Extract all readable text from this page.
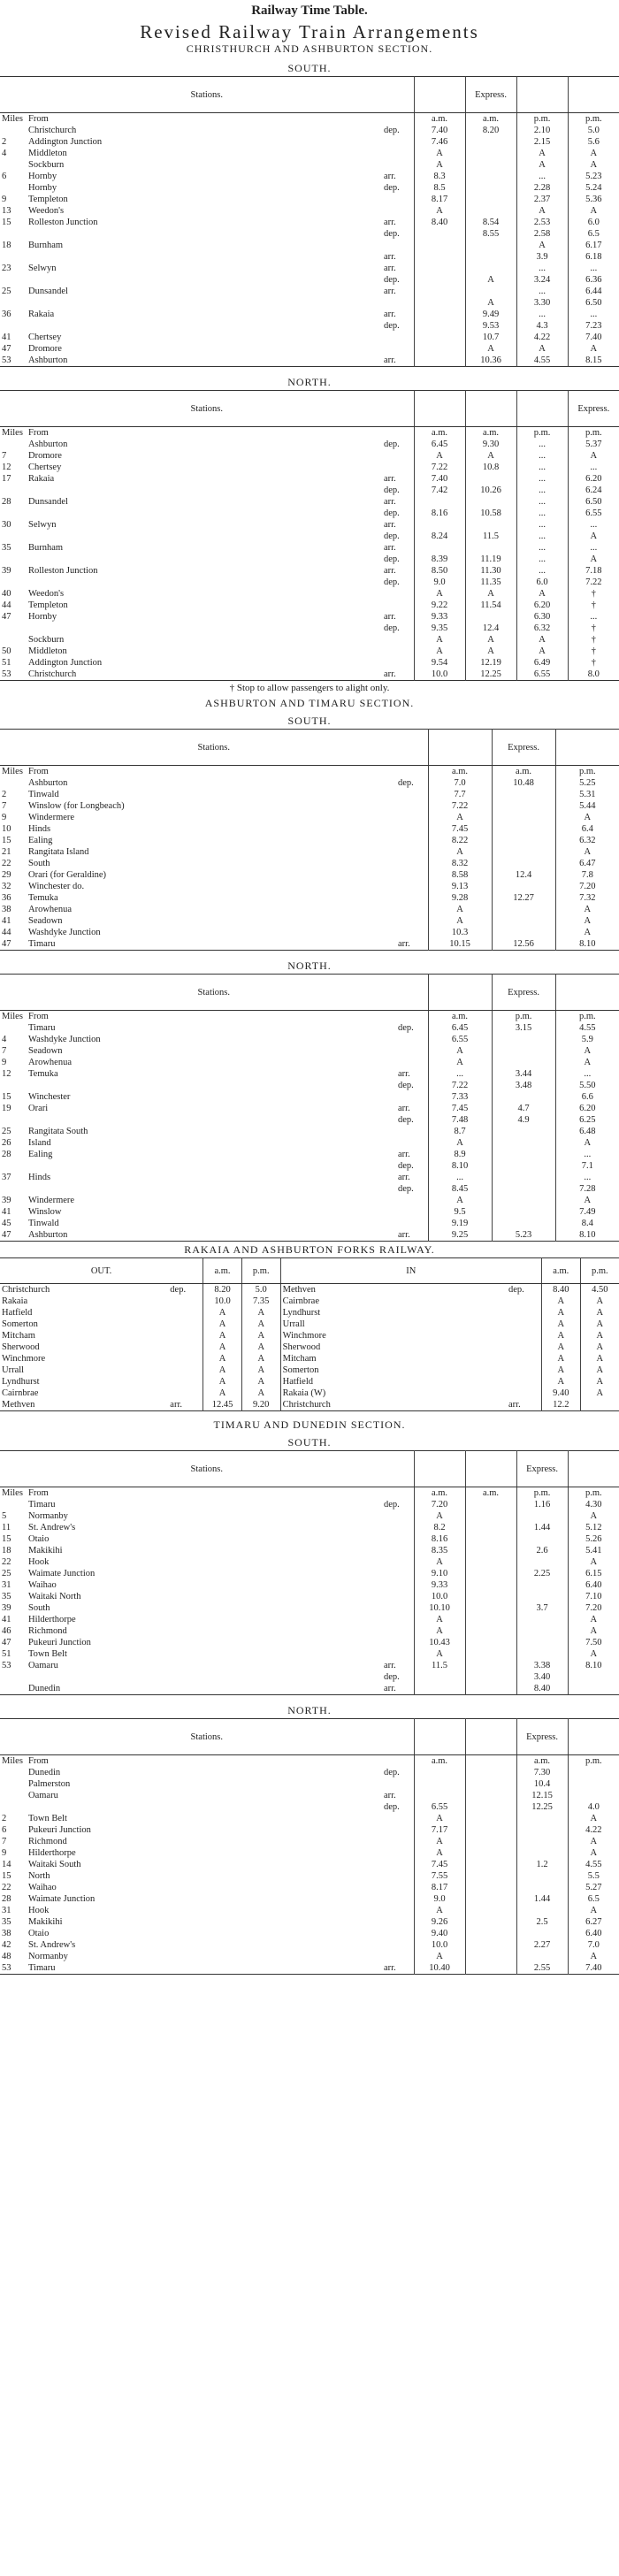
Railway Time Table.
Revised Railway Train Arrangements
CHRISTHURCH AND ASHBURTON SECTION.
SOUTH.
Stations.					Express.		

Miles	From			a.m.	a.m.	p.m.	p.m.
	Christchurch		dep.	7.40	8.20	2.10	5.0
2	Addington Junction			7.46		2.15	5.6
4	Middleton			A		A	A
	Sockburn			A		A	A
6	Hornby		arr.	8.3		...	5.23
	Hornby		dep.	8.5		2.28	5.24
9	Templeton			8.17		2.37	5.36
13	Weedon's			A		A	A
15	Rolleston Junction		arr.	8.40	8.54	2.53	6.0
			dep.		8.55	2.58	6.5
18	Burnham					A	6.17
			arr.			3.9	6.18
23	Selwyn		arr.			...	...
			dep.		A	3.24	6.36
25	Dunsandel		arr.			...	6.44
					A	3.30	6.50
36	Rakaia		arr.		9.49	...	...
			dep.		9.53	4.3	7.23
41	Chertsey				10.7	4.22	7.40
47	Dromore				A	A	A
53	Ashburton		arr.		10.36	4.55	8.15
NORTH.
Stations.							Express.

Miles	From			a.m.	a.m.	p.m.	p.m.
	Ashburton		dep.	6.45	9.30	...	5.37
7	Dromore			A	A	...	A
12	Chertsey			7.22	10.8	...	...
17	Rakaia		arr.	7.40		...	6.20
			dep.	7.42	10.26	...	6.24
28	Dunsandel		arr.			...	6.50
			dep.	8.16	10.58	...	6.55
30	Selwyn		arr.			...	...
			dep.	8.24	11.5	...	A
35	Burnham		arr.			...	...
			dep.	8.39	11.19	...	A
39	Rolleston Junction		arr.	8.50	11.30	...	7.18
			dep.	9.0	11.35	6.0	7.22
40	Weedon's			A	A	A	†
44	Templeton			9.22	11.54	6.20	†
47	Hornby		arr.	9.33		6.30	...
			dep.	9.35	12.4	6.32	†
	Sockburn			A	A	A	†
50	Middleton			A	A	A	†
51	Addington Junction			9.54	12.19	6.49	†
53	Christchurch		arr.	10.0	12.25	6.55	8.0
† Stop to allow passengers to alight only.
ASHBURTON AND TIMARU SECTION.
SOUTH.
Stations.					Express.	

Miles	From			a.m.	a.m.	p.m.
	Ashburton		dep.	7.0	10.48	5.25
2	Tinwald			7.7		5.31
7	Winslow (for Longbeach)			7.22		5.44
9	Windermere			A		A
10	Hinds			7.45		6.4
15	Ealing			8.22		6.32
21	Rangitata Island			A		A
22	South			8.32		6.47
29	Orari (for Geraldine)			8.58	12.4	7.8
32	Winchester do.			9.13		7.20
36	Temuka			9.28	12.27	7.32
38	Arowhenua			A		A
41	Seadown			A		A
44	Washdyke Junction			10.3		A
47	Timaru		arr.	10.15	12.56	8.10
NORTH.
Stations.					Express.	

Miles	From			a.m.	p.m.	p.m.
	Timaru		dep.	6.45	3.15	4.55
4	Washdyke Junction			6.55		5.9
7	Seadown			A		A
9	Arowhenua			A		A
12	Temuka		arr.	...	3.44	...
			dep.	7.22	3.48	5.50
15	Winchester			7.33		6.6
19	Orari		arr.	7.45	4.7	6.20
			dep.	7.48	4.9	6.25
25	Rangitata South			8.7		6.48
26	Island			A		A
28	Ealing		arr.	8.9		...
			dep.	8.10		7.1
37	Hinds		arr.	...		...
			dep.	8.45		7.28
39	Windermere			A		A
41	Winslow			9.5		7.49
45	Tinwald			9.19		8.4
47	Ashburton		arr.	9.25	5.23	8.10
RAKAIA AND ASHBURTON FORKS RAILWAY.
OUT.			a.m.	p.m.	IN			a.m.	p.m.
Christchurch		dep.	8.20	5.0	Methven		dep.	8.40	4.50
Rakaia			10.0	7.35	Cairnbrae			A	A
Hatfield			A	A	Lyndhurst			A	A
Somerton			A	A	Urrall			A	A
Mitcham			A	A	Winchmore			A	A
Sherwood			A	A	Sherwood			A	A
Winchmore			A	A	Mitcham			A	A
Urrall			A	A	Somerton			A	A
Lyndhurst			A	A	Hatfield			A	A
Cairnbrae			A	A	Rakaia (W)			9.40	A
Methven		arr.	12.45	9.20	Christchurch		arr.	12.2	
TIMARU AND DUNEDIN SECTION.
SOUTH.
Stations.						Express.	

Miles	From			a.m.	a.m.	p.m.	p.m.
	Timaru		dep.	7.20		1.16	4.30
5	Normanby			A			A
11	St. Andrew's			8.2		1.44	5.12
15	Otaio			8.16			5.26
18	Makikihi			8.35		2.6	5.41
22	Hook			A			A
25	Waimate Junction			9.10		2.25	6.15
31	Waihao			9.33			6.40
35	Waitaki North			10.0			7.10
39	South			10.10		3.7	7.20
41	Hilderthorpe			A			A
46	Richmond			A			A
47	Pukeuri Junction			10.43			7.50
51	Town Belt			A			A
53	Oamaru		arr.	11.5		3.38	8.10
			dep.			3.40	
	Dunedin		arr.			8.40	
NORTH.
Stations.						Express.	

Miles	From			a.m.		a.m.	p.m.
	Dunedin		dep.			7.30	
	Palmerston					10.4	
	Oamaru		arr.			12.15	
			dep.	6.55		12.25	4.0
2	Town Belt			A			A
6	Pukeuri Junction			7.17			4.22
7	Richmond			A			A
9	Hilderthorpe			A			A
14	Waitaki South			7.45		1.2	4.55
15	North			7.55			5.5
22	Waihao			8.17			5.27
28	Waimate Junction			9.0		1.44	6.5
31	Hook			A			A
35	Makikihi			9.26		2.5	6.27
38	Otaio			9.40			6.40
42	St. Andrew's			10.0		2.27	7.0
48	Normanby			A			A
53	Timaru		arr.	10.40		2.55	7.40
